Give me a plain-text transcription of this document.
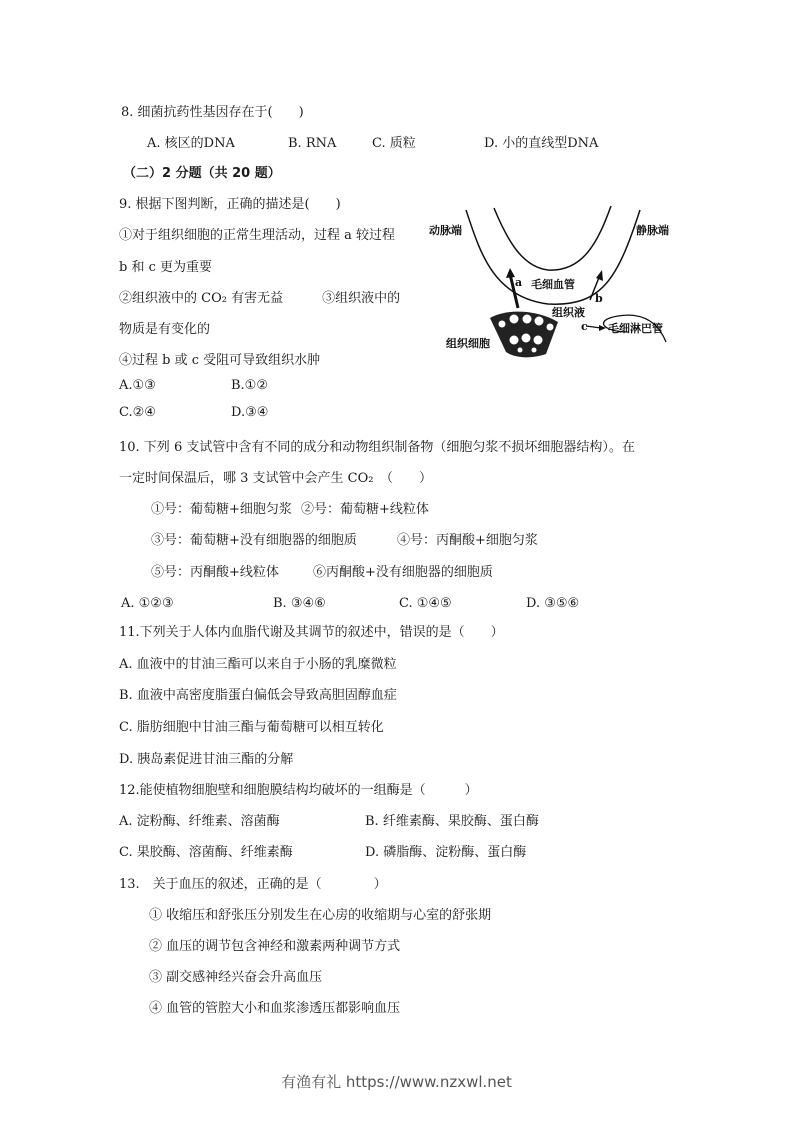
8. 细菌抗药性基因存在于(　　)
A. 核区的DNA	B. RNA	C. 质粒	D. 小的直线型DNA
（二）2 分题（共 20 题）
9. 根据下图判断，正确的描述是(　　)
①对于组织细胞的正常生理活动，过程 a 较过程
b 和 c 更为重要
②组织液中的 CO₂ 有害无益　　　③组织液中的
物质是有变化的
④过程 b 或 c 受阻可导致组织水肿
A.①③	B.①②
C.②④	D.③④
动脉端	静脉端
a 毛细血管
b
组织液
c 毛细淋巴管
组织细胞
10. 下列 6 支试管中含有不同的成分和动物组织制备物（细胞匀浆不损坏细胞器结构）。在
一定时间保温后，哪 3 支试管中会产生 CO₂　（　　）
①号：葡萄糖+细胞匀浆 ②号：葡萄糖+线粒体
③号：葡萄糖+没有细胞器的细胞质	④号：丙酮酸+细胞匀浆
⑤号：丙酮酸+线粒体	⑥丙酮酸+没有细胞器的细胞质
A. ①②③	B. ③④⑥	C. ①④⑤	D. ③⑤⑥
11.下列关于人体内血脂代谢及其调节的叙述中，错误的是（　　）
A. 血液中的甘油三酯可以来自于小肠的乳糜微粒
B. 血液中高密度脂蛋白偏低会导致高胆固醇血症
C. 脂肪细胞中甘油三酯与葡萄糖可以相互转化
D. 胰岛素促进甘油三酯的分解
12.能使植物细胞壁和细胞膜结构均破坏的一组酶是（　　　）
A. 淀粉酶、纤维素、溶菌酶	B. 纤维素酶、果胶酶、蛋白酶
C. 果胶酶、溶菌酶、纤维素酶	D. 磷脂酶、淀粉酶、蛋白酶
13.　关于血压的叙述，正确的是（　　　　）
① 收缩压和舒张压分别发生在心房的收缩期与心室的舒张期
② 血压的调节包含神经和激素两种调节方式
③ 副交感神经兴奋会升高血压
④ 血管的管腔大小和血浆渗透压都影响血压
有渔有礼 https://www.nzxwl.net
